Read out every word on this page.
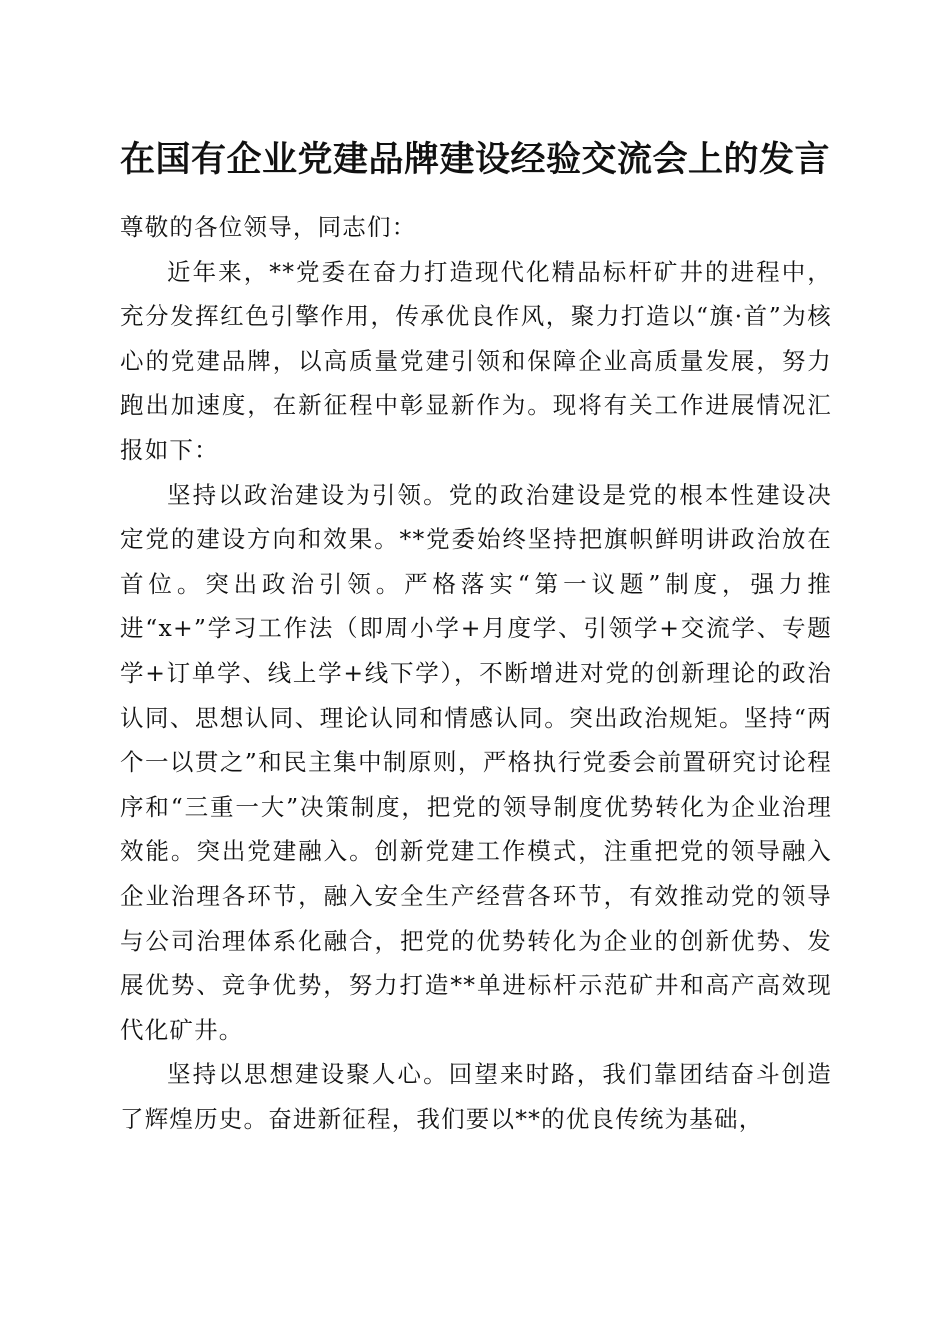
在国有企业党建品牌建设经验交流会上的发言

尊敬的各位领导，同志们：

近年来，**党委在奋力打造现代化精品标杆矿井的进程中，充分发挥红色引擎作用，传承优良作风，聚力打造以“旗·首”为核心的党建品牌，以高质量党建引领和保障企业高质量发展，努力跑出加速度，在新征程中彰显新作为。现将有关工作进展情况汇报如下：

坚持以政治建设为引领。党的政治建设是党的根本性建设决定党的建设方向和效果。**党委始终坚持把旗帜鲜明讲政治放在首位。突出政治引领。严格落实“第一议题”制度，强力推进“x+”学习工作法（即周小学+月度学、引领学+交流学、专题学+订单学、线上学+线下学），不断增进对党的创新理论的政治认同、思想认同、理论认同和情感认同。突出政治规矩。坚持“两个一以贯之”和民主集中制原则，严格执行党委会前置研究讨论程序和“三重一大”决策制度，把党的领导制度优势转化为企业治理效能。突出党建融入。创新党建工作模式，注重把党的领导融入企业治理各环节，融入安全生产经营各环节，有效推动党的领导与公司治理体系化融合，把党的优势转化为企业的创新优势、发展优势、竞争优势，努力打造**单进标杆示范矿井和高产高效现代化矿井。

坚持以思想建设聚人心。回望来时路，我们靠团结奋斗创造了辉煌历史。奋进新征程，我们要以**的优良传统为基础，
